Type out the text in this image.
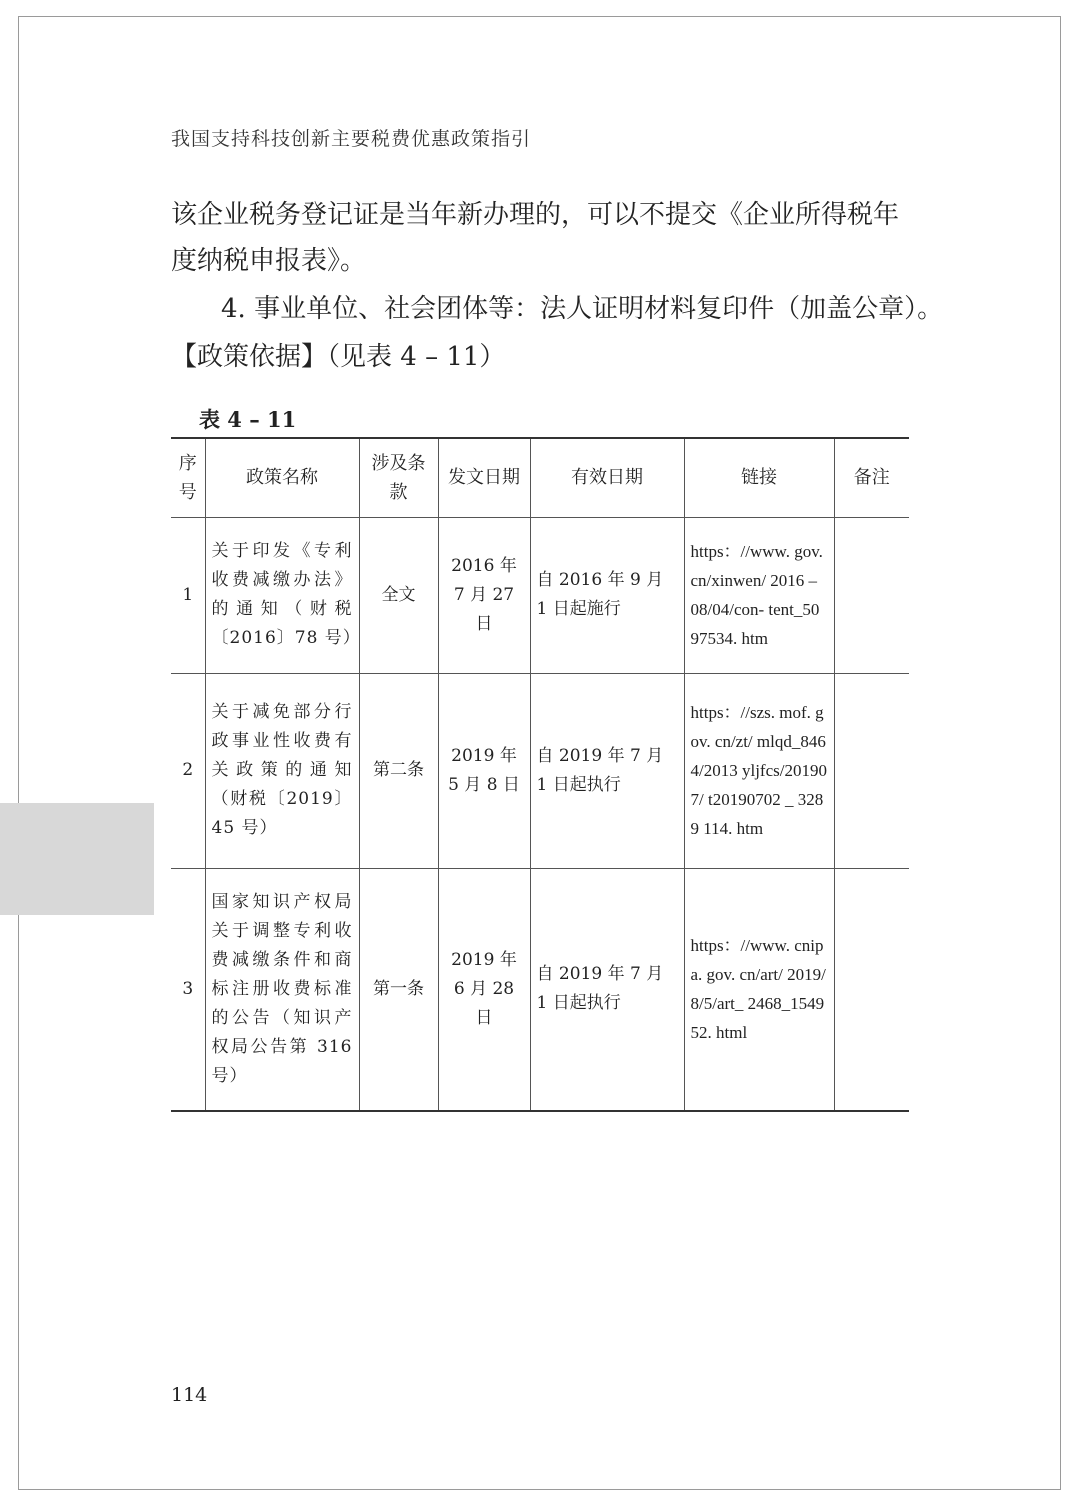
我国支持科技创新主要税费优惠政策指引
该企业税务登记证是当年新办理的，可以不提交《企业所得税年
度纳税申报表》。
4. 事业单位、社会团体等：法人证明材料复印件（加盖公章）。
【政策依据】（见表 4 – 11）
表 4 – 11
序号	政策名称	涉及条款	发文日期	有效日期	链接	备注
1	关于印发《专利收费减缴办法》的通知（财税〔2016〕78 号）	全文	2016 年 7 月 27 日	自 2016 年 9 月 1 日起施行	https：//www. gov. cn/xinwen/ 2016 – 08/04/con- tent_5097534. htm	
2	关于减免部分行政事业性收费有关政策的通知（财税〔2019〕45 号）	第二条	2019 年 5 月 8 日	自 2019 年 7 月 1 日起执行	https：//szs. mof. gov. cn/zt/ mlqd_8464/2013 yljfcs/201907/ t20190702 _ 3289 114. htm	
3	国家知识产权局关于调整专利收费减缴条件和商标注册收费标准的公告（知识产权局公告第 316 号）	第一条	2019 年 6 月 28 日	自 2019 年 7 月 1 日起执行	https：//www. cnipa. gov. cn/art/ 2019/8/5/art_ 2468_154952. html	
114
